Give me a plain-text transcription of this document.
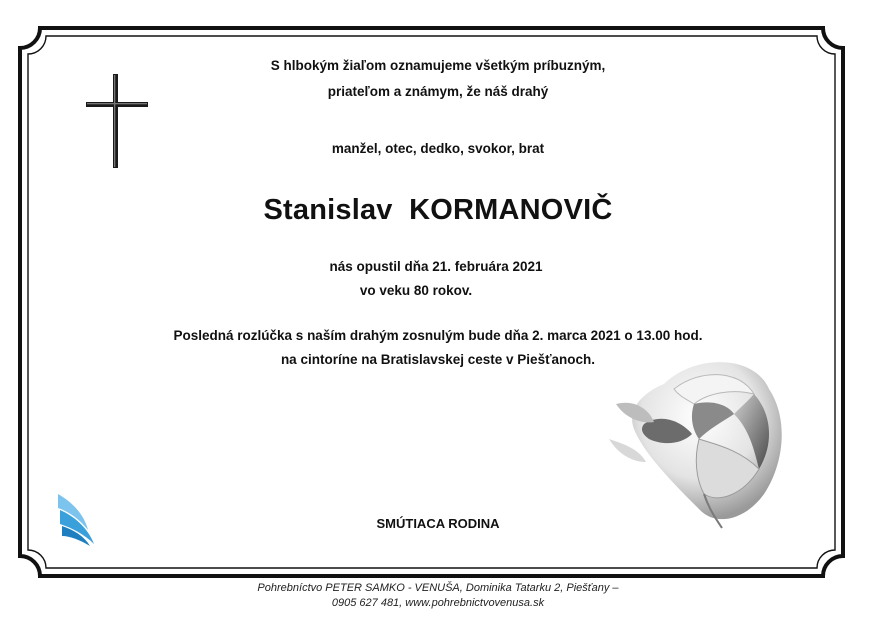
S hlbokým žiaľom oznamujeme všetkým príbuzným,
priateľom a známym, že náš drahý
manžel, otec, dedko, svokor, brat
Stanislav  KORMANOVIČ
nás opustil dňa 21. februára 2021
vo veku 80 rokov.
Posledná rozlúčka s naším drahým zosnulým bude dňa 2. marca 2021 o 13.00 hod.
na cintoríne na Bratislavskej ceste v Piešťanoch.
SMÚTIACA RODINA
Pohrebníctvo PETER SAMKO - VENUŠA, Dominika Tatarku 2, Piešťany –
0905 627 481, www.pohrebnictvovenusa.sk
